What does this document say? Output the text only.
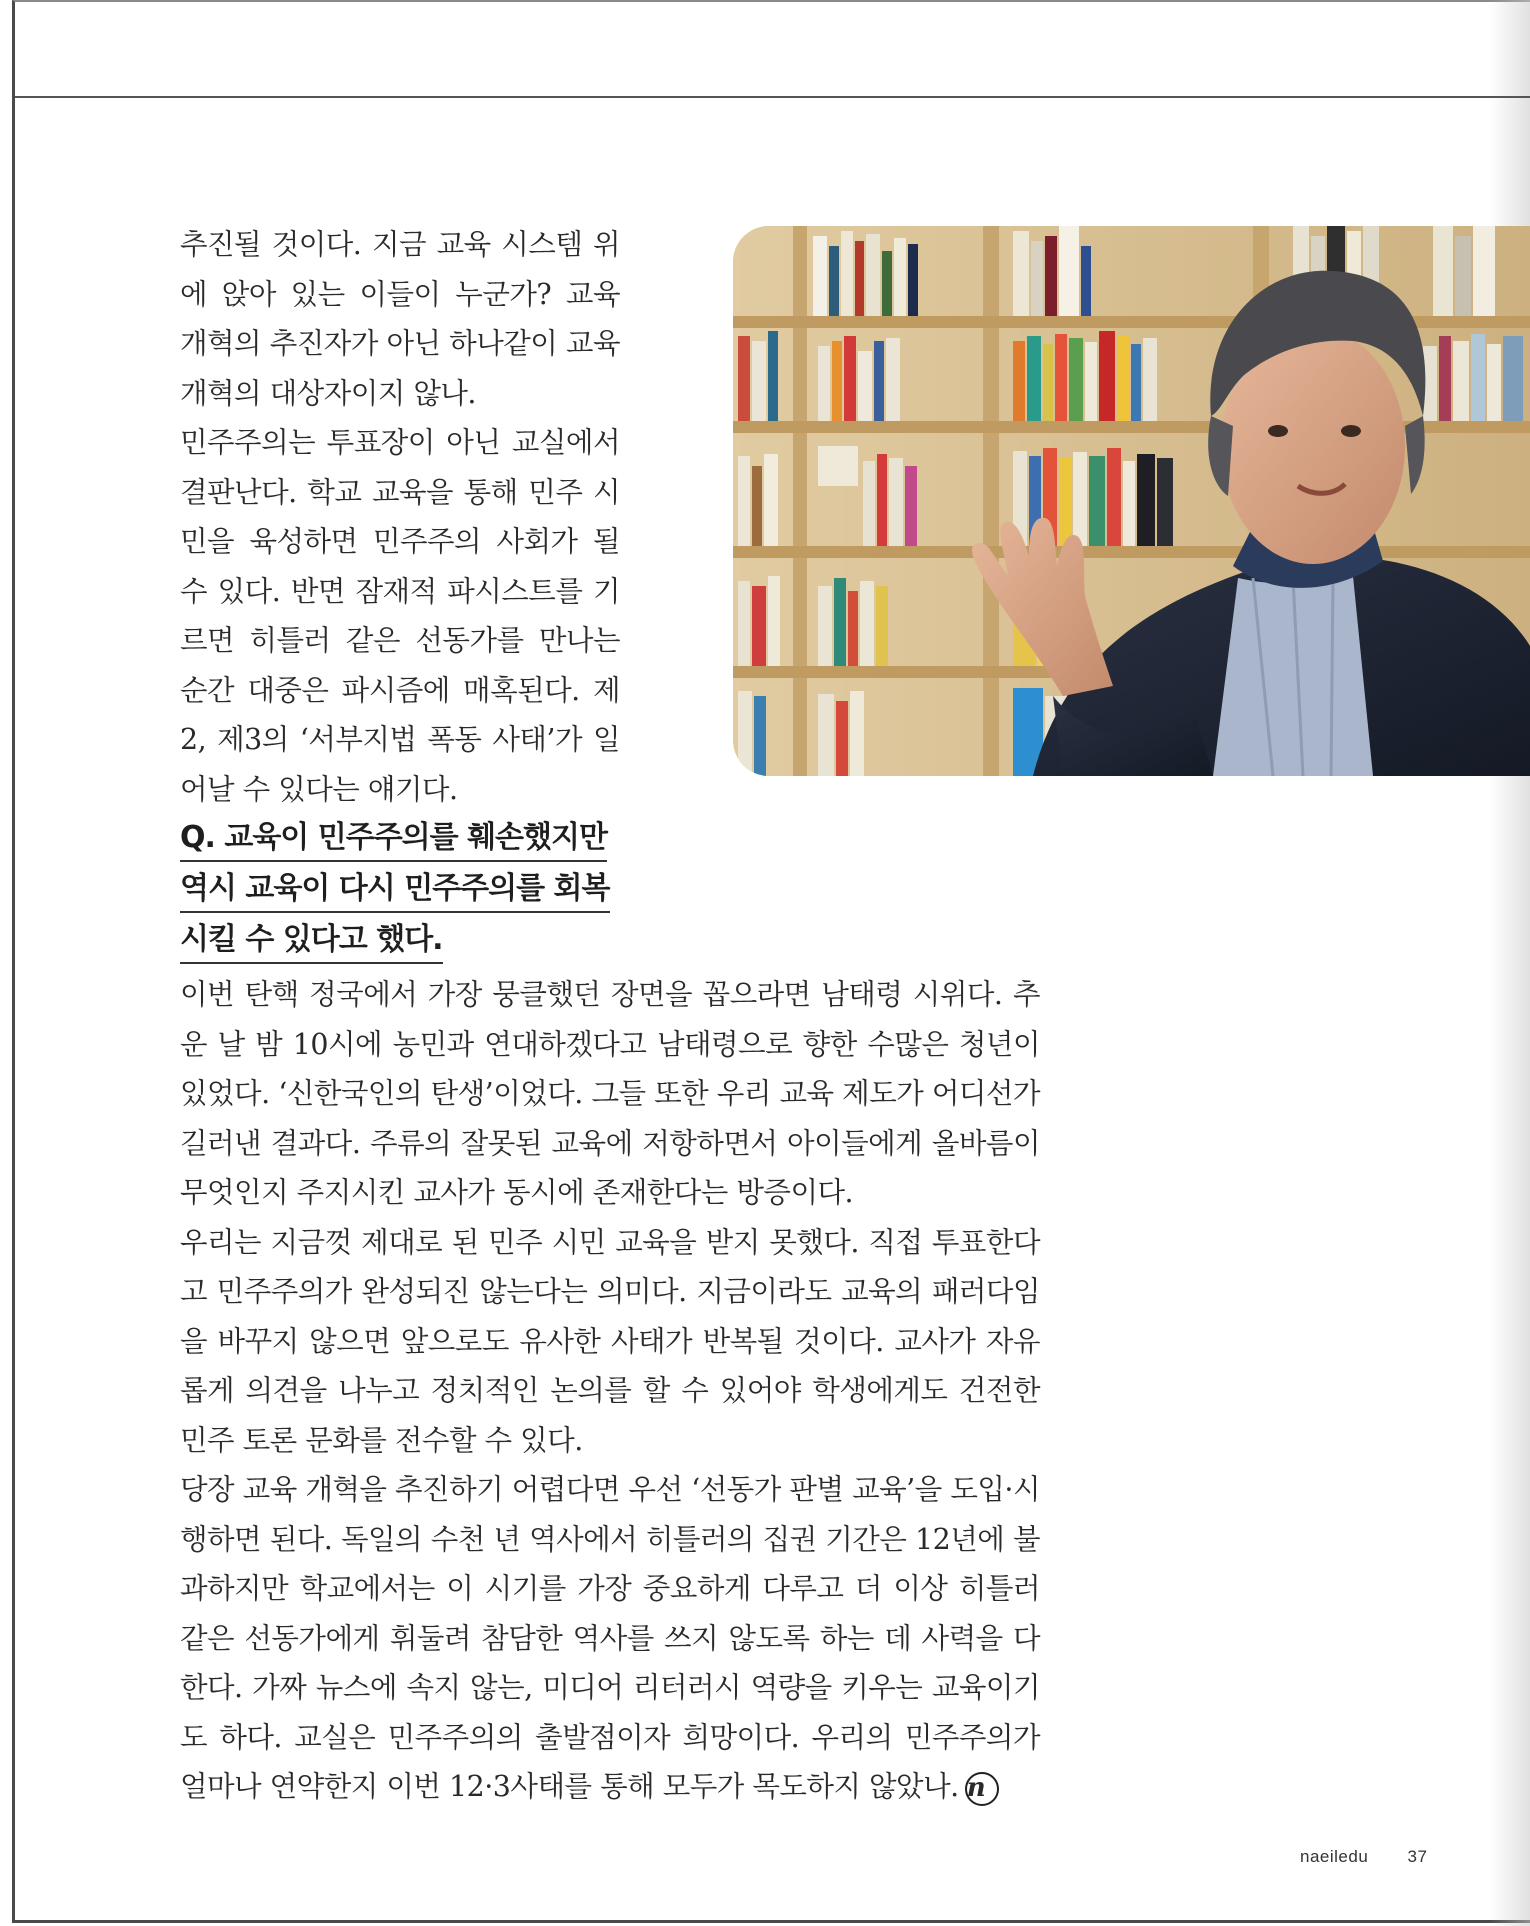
추진될 것이다. 지금 교육 시스템 위에 앉아 있는 이들이 누군가? 교육 개혁의 추진자가 아닌 하나같이 교육 개혁의 대상자이지 않나.

민주주의는 투표장이 아닌 교실에서 결판난다. 학교 교육을 통해 민주 시민을 육성하면 민주주의 사회가 될 수 있다. 반면 잠재적 파시스트를 기르면 히틀러 같은 선동가를 만나는 순간 대중은 파시즘에 매혹된다. 제2, 제3의 ‘서부지법 폭동 사태’가 일어날 수 있다는 얘기다.

Q. 교육이 민주주의를 훼손했지만
역시 교육이 다시 민주주의를 회복
시킬 수 있다고 했다.

이번 탄핵 정국에서 가장 뭉클했던 장면을 꼽으라면 남태령 시위다. 추운 날 밤 10시에 농민과 연대하겠다고 남태령으로 향한 수많은 청년이 있었다. ‘신한국인의 탄생’이었다. 그들 또한 우리 교육 제도가 어디선가 길러낸 결과다. 주류의 잘못된 교육에 저항하면서 아이들에게 올바름이 무엇인지 주지시킨 교사가 동시에 존재한다는 방증이다.

우리는 지금껏 제대로 된 민주 시민 교육을 받지 못했다. 직접 투표한다고 민주주의가 완성되진 않는다는 의미다. 지금이라도 교육의 패러다임을 바꾸지 않으면 앞으로도 유사한 사태가 반복될 것이다. 교사가 자유롭게 의견을 나누고 정치적인 논의를 할 수 있어야 학생에게도 건전한 민주 토론 문화를 전수할 수 있다.

당장 교육 개혁을 추진하기 어렵다면 우선 ‘선동가 판별 교육’을 도입·시행하면 된다. 독일의 수천 년 역사에서 히틀러의 집권 기간은 12년에 불과하지만 학교에서는 이 시기를 가장 중요하게 다루고 더 이상 히틀러 같은 선동가에게 휘둘려 참담한 역사를 쓰지 않도록 하는 데 사력을 다한다. 가짜 뉴스에 속지 않는, 미디어 리터러시 역량을 키우는 교육이기도 하다. 교실은 민주주의의 출발점이자 희망이다. 우리의 민주주의가 얼마나 연약한지 이번 12·3사태를 통해 모두가 목도하지 않았나. n

naeiledu 37
